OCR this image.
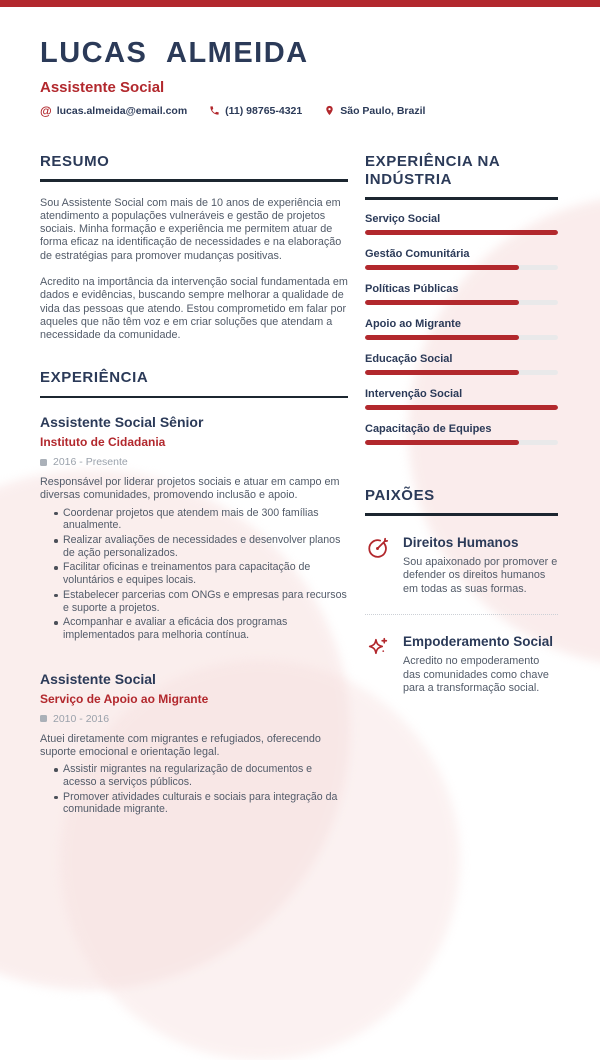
LUCAS ALMEIDA
Assistente Social
@ lucas.almeida@email.com	(11) 98765-4321	São Paulo, Brazil
RESUMO

Sou Assistente Social com mais de 10 anos de experiência em atendimento a populações vulneráveis e gestão de projetos sociais. Minha formação e experiência me permitem atuar de forma eficaz na identificação de necessidades e na elaboração de estratégias para promover mudanças positivas.

Acredito na importância da intervenção social fundamentada em dados e evidências, buscando sempre melhorar a qualidade de vida das pessoas que atendo. Estou comprometido em falar por aqueles que não têm voz e em criar soluções que atendam a necessidade da comunidade.

EXPERIÊNCIA
Assistente Social Sênior
Instituto de Cidadania
2016 - Presente
Responsável por liderar projetos sociais e atuar em campo em diversas comunidades, promovendo inclusão e apoio.
Coordenar projetos que atendem mais de 300 famílias anualmente.
Realizar avaliações de necessidades e desenvolver planos de ação personalizados.
Facilitar oficinas e treinamentos para capacitação de voluntários e equipes locais.
Estabelecer parcerias com ONGs e empresas para recursos e suporte a projetos.
Acompanhar e avaliar a eficácia dos programas implementados para melhoria contínua.
Assistente Social
Serviço de Apoio ao Migrante
2010 - 2016
Atuei diretamente com migrantes e refugiados, oferecendo suporte emocional e orientação legal.
Assistir migrantes na regularização de documentos e acesso a serviços públicos.
Promover atividades culturais e sociais para integração da comunidade migrante.
EXPERIÊNCIA NA INDÚSTRIA
Serviço Social
Gestão Comunitária
Políticas Públicas
Apoio ao Migrante
Educação Social
Intervenção Social
Capacitação de Equipes
PAIXÕES
Direitos Humanos
Sou apaixonado por promover e defender os direitos humanos em todas as suas formas.
Empoderamento Social
Acredito no empoderamento das comunidades como chave para a transformação social.
